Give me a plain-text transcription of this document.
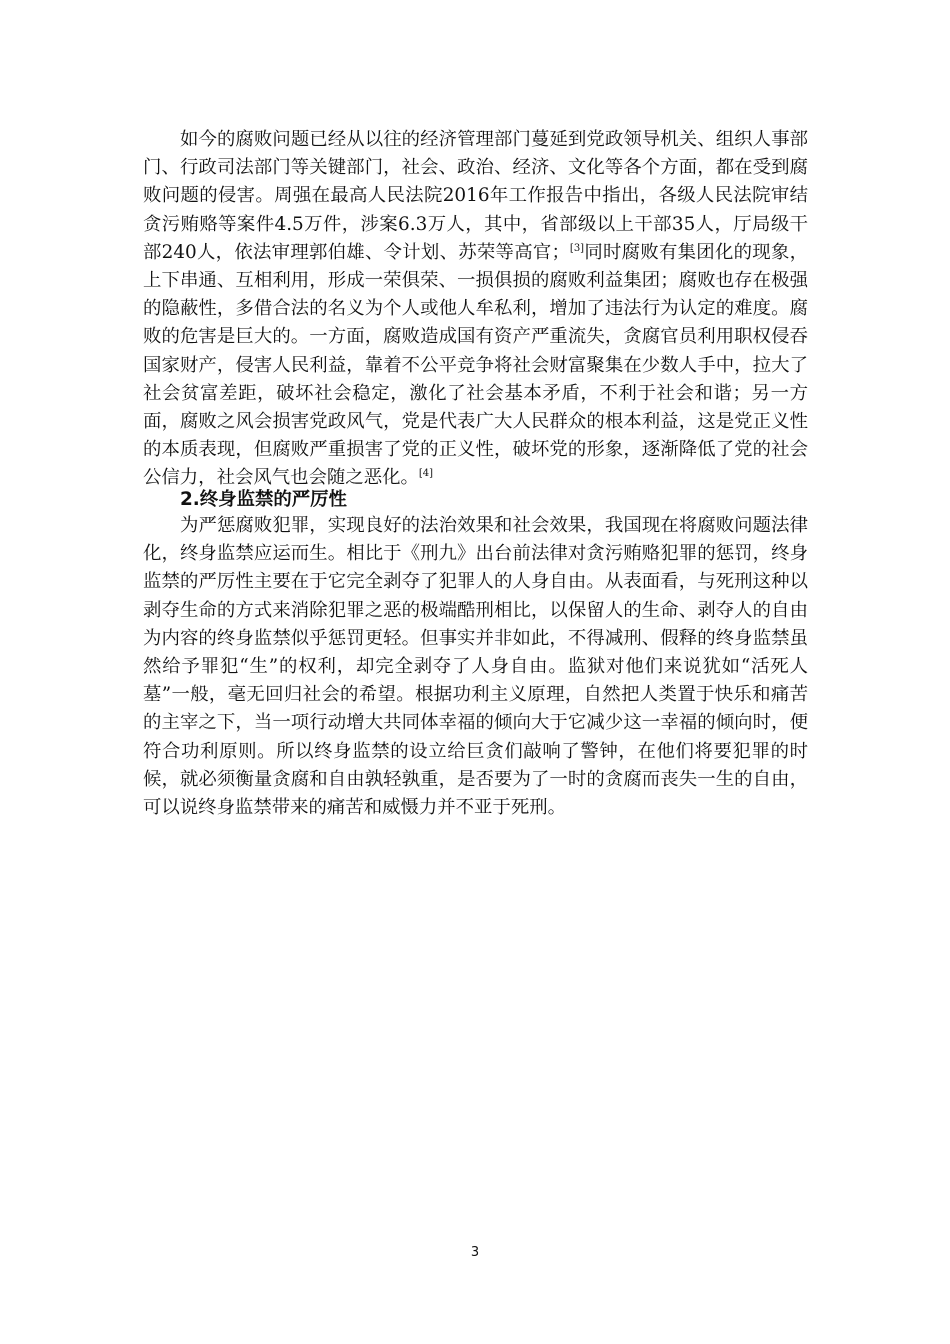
如今的腐败问题已经从以往的经济管理部门蔓延到党政领导机关、组织人事部门、行政司法部门等关键部门，社会、政治、经济、文化等各个方面，都在受到腐败问题的侵害。周强在最高人民法院2016年工作报告中指出，各级人民法院审结贪污贿赂等案件4.5万件，涉案6.3万人，其中，省部级以上干部35人，厅局级干部240人，依法审理郭伯雄、令计划、苏荣等高官；[3]同时腐败有集团化的现象，上下串通、互相利用，形成一荣俱荣、一损俱损的腐败利益集团；腐败也存在极强的隐蔽性，多借合法的名义为个人或他人牟私利，增加了违法行为认定的难度。腐败的危害是巨大的。一方面，腐败造成国有资产严重流失，贪腐官员利用职权侵吞国家财产，侵害人民利益，靠着不公平竞争将社会财富聚集在少数人手中，拉大了社会贫富差距，破坏社会稳定，激化了社会基本矛盾，不利于社会和谐；另一方面，腐败之风会损害党政风气，党是代表广大人民群众的根本利益，这是党正义性的本质表现，但腐败严重损害了党的正义性，破坏党的形象，逐渐降低了党的社会公信力，社会风气也会随之恶化。[4]

2.终身监禁的严厉性

为严惩腐败犯罪，实现良好的法治效果和社会效果，我国现在将腐败问题法律化，终身监禁应运而生。相比于《刑九》出台前法律对贪污贿赂犯罪的惩罚，终身监禁的严厉性主要在于它完全剥夺了犯罪人的人身自由。从表面看，与死刑这种以剥夺生命的方式来消除犯罪之恶的极端酷刑相比，以保留人的生命、剥夺人的自由为内容的终身监禁似乎惩罚更轻。但事实并非如此，不得减刑、假释的终身监禁虽然给予罪犯“生”的权利，却完全剥夺了人身自由。监狱对他们来说犹如“活死人墓”一般，毫无回归社会的希望。根据功利主义原理，自然把人类置于快乐和痛苦的主宰之下，当一项行动增大共同体幸福的倾向大于它减少这一幸福的倾向时，便符合功利原则。所以终身监禁的设立给巨贪们敲响了警钟，在他们将要犯罪的时候，就必须衡量贪腐和自由孰轻孰重，是否要为了一时的贪腐而丧失一生的自由，可以说终身监禁带来的痛苦和威慑力并不亚于死刑。

3
